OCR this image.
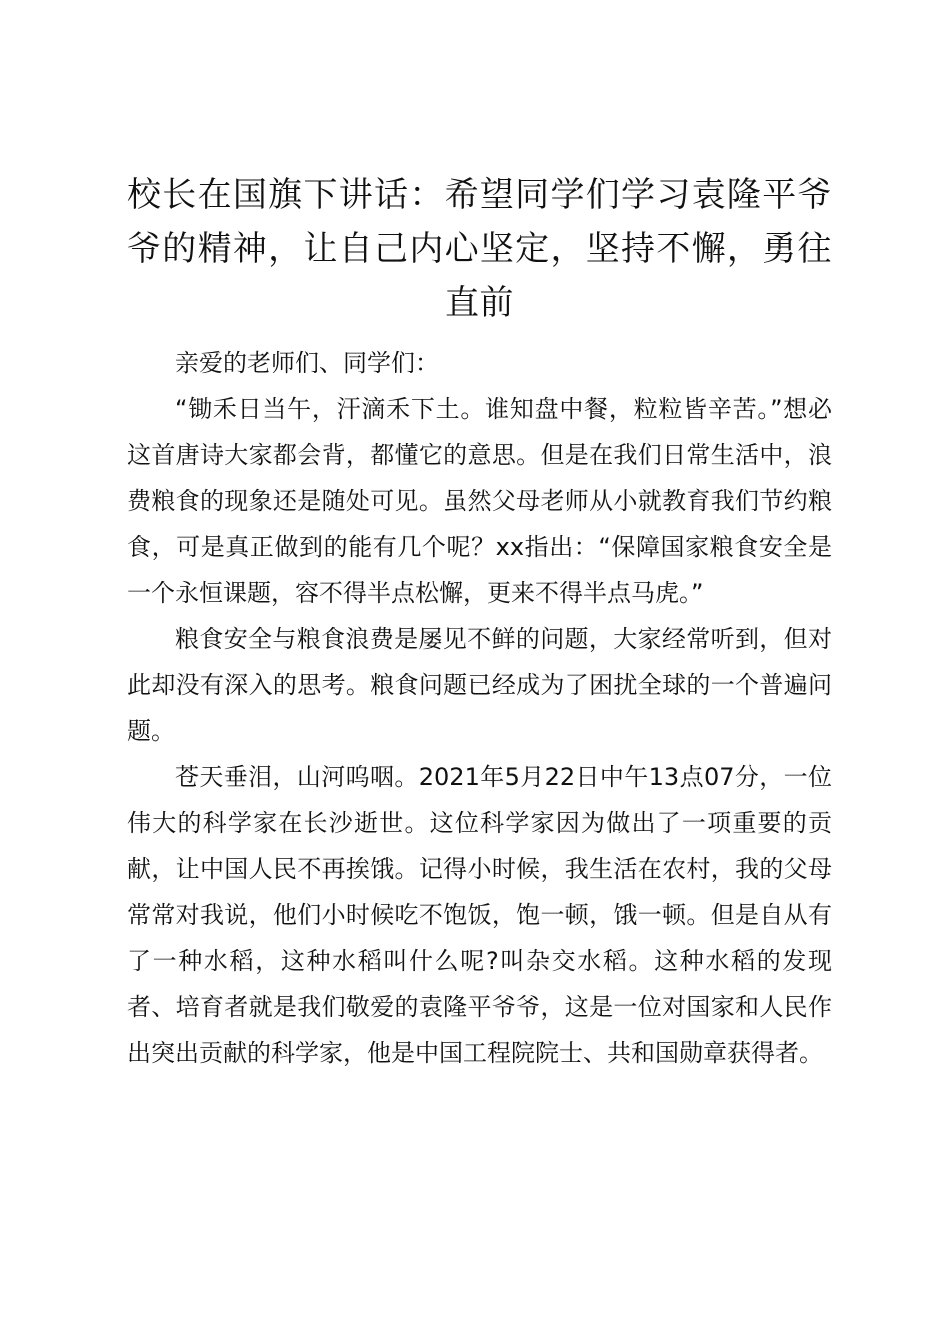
校长在国旗下讲话：希望同学们学习袁隆平爷爷的精神，让自己内心坚定，坚持不懈，勇往直前

亲爱的老师们、同学们：

“锄禾日当午，汗滴禾下土。谁知盘中餐，粒粒皆辛苦。”想必这首唐诗大家都会背，都懂它的意思。但是在我们日常生活中，浪费粮食的现象还是随处可见。虽然父母老师从小就教育我们节约粮食，可是真正做到的能有几个呢？xx指出：“保障国家粮食安全是一个永恒课题，容不得半点松懈，更来不得半点马虎。”

粮食安全与粮食浪费是屡见不鲜的问题，大家经常听到，但对此却没有深入的思考。粮食问题已经成为了困扰全球的一个普遍问题。

苍天垂泪，山河呜咽。2021年5月22日中午13点07分，一位伟大的科学家在长沙逝世。这位科学家因为做出了一项重要的贡献，让中国人民不再挨饿。记得小时候，我生活在农村，我的父母常常对我说，他们小时候吃不饱饭，饱一顿，饿一顿。但是自从有了一种水稻，这种水稻叫什么呢?叫杂交水稻。这种水稻的发现者、培育者就是我们敬爱的袁隆平爷爷，这是一位对国家和人民作出突出贡献的科学家，他是中国工程院院士、共和国勋章获得者。
